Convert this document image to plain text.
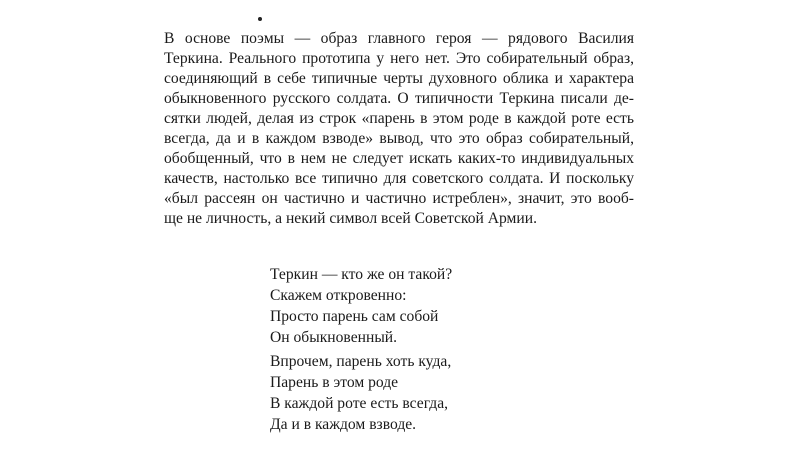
В основе поэмы — образ главного героя — рядового Василия
Теркина. Реального прототипа у него нет. Это собирательный образ,
соединяющий в себе типичные черты духовного облика и характера
обыкновенного русского солдата. О типичности Теркина писали де-
сятки людей, делая из строк «парень в этом роде в каждой роте есть
всегда, да и в каждом взводе» вывод, что это образ собирательный,
обобщенный, что в нем не следует искать каких-то индивидуальных
качеств, настолько все типично для советского солдата. И поскольку
«был рассеян он частично и частично истреблен», значит, это вооб-
ще не личность, а некий символ всей Советской Армии.
Теркин — кто же он такой?
Скажем откровенно:
Просто парень сам собой
Он обыкновенный.
Впрочем, парень хоть куда,
Парень в этом роде
В каждой роте есть всегда,
Да и в каждом взводе.
